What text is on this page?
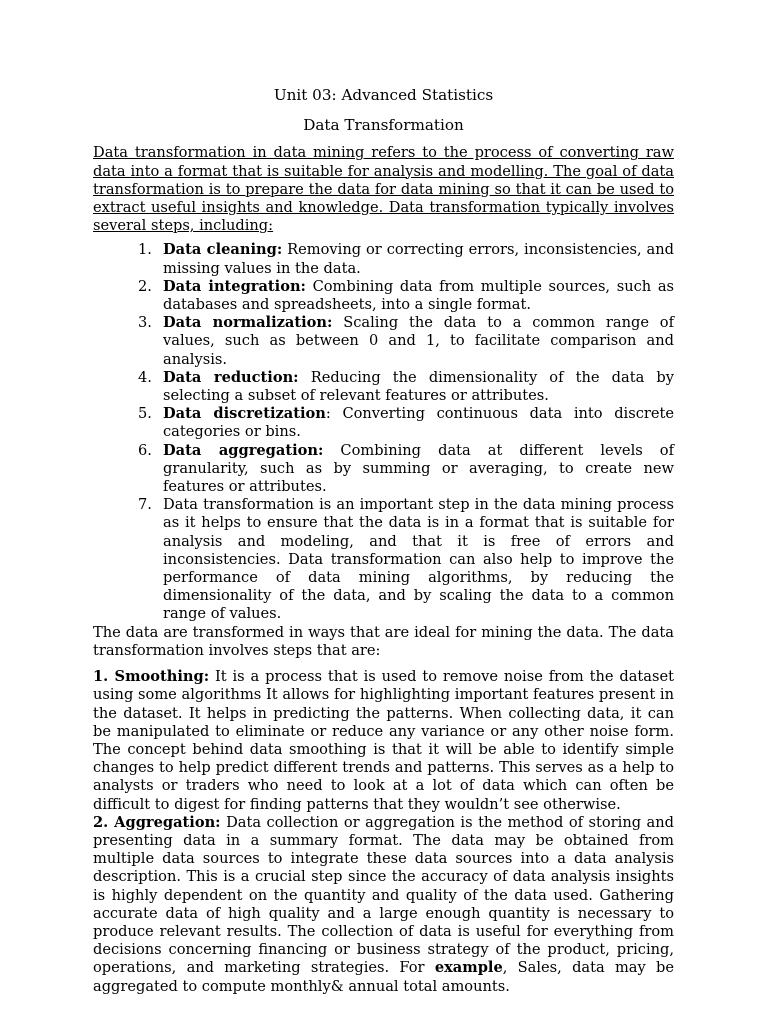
Unit 03: Advanced Statistics
Data Transformation

Data transformation in data mining refers to the process of converting raw data into a format that is suitable for analysis and modelling. The goal of data transformation is to prepare the data for data mining so that it can be used to extract useful insights and knowledge. Data transformation typically involves several steps, including:

1. Data cleaning: Removing or correcting errors, inconsistencies, and missing values in the data.
2. Data integration: Combining data from multiple sources, such as databases and spreadsheets, into a single format.
3. Data normalization: Scaling the data to a common range of values, such as between 0 and 1, to facilitate comparison and analysis.
4. Data reduction: Reducing the dimensionality of the data by selecting a subset of relevant features or attributes.
5. Data discretization: Converting continuous data into discrete categories or bins.
6. Data aggregation: Combining data at different levels of granularity, such as by summing or averaging, to create new features or attributes.
7. Data transformation is an important step in the data mining process as it helps to ensure that the data is in a format that is suitable for analysis and modeling, and that it is free of errors and inconsistencies. Data transformation can also help to improve the performance of data mining algorithms, by reducing the dimensionality of the data, and by scaling the data to a common range of values.

The data are transformed in ways that are ideal for mining the data. The data transformation involves steps that are:

1. Smoothing: It is a process that is used to remove noise from the dataset using some algorithms It allows for highlighting important features present in the dataset. It helps in predicting the patterns. When collecting data, it can be manipulated to eliminate or reduce any variance or any other noise form. The concept behind data smoothing is that it will be able to identify simple changes to help predict different trends and patterns. This serves as a help to analysts or traders who need to look at a lot of data which can often be difficult to digest for finding patterns that they wouldn’t see otherwise.

2. Aggregation: Data collection or aggregation is the method of storing and presenting data in a summary format. The data may be obtained from multiple data sources to integrate these data sources into a data analysis description. This is a crucial step since the accuracy of data analysis insights is highly dependent on the quantity and quality of the data used. Gathering accurate data of high quality and a large enough quantity is necessary to produce relevant results. The collection of data is useful for everything from decisions concerning financing or business strategy of the product, pricing, operations, and marketing strategies. For example, Sales, data may be aggregated to compute monthly& annual total amounts.
